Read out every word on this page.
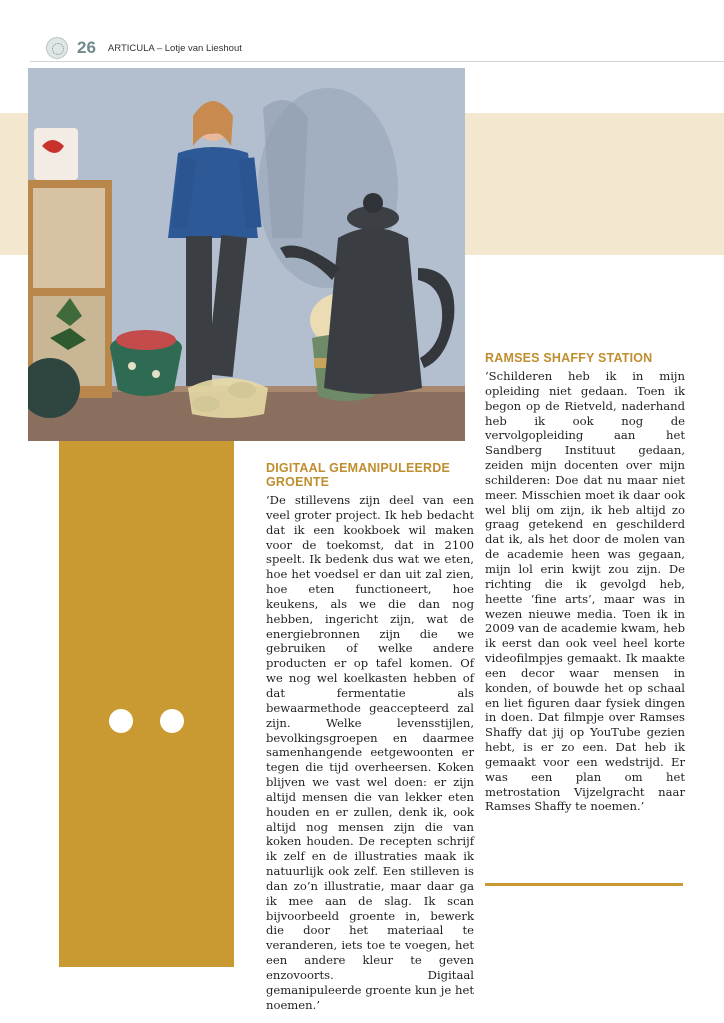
26 ARTICULA – Lotje van Lieshout
DIGITAAL GEMANIPULEERDE GROENTE

‘De stillevens zijn deel van een veel groter project. Ik heb bedacht dat ik een kookboek wil maken voor de toekomst, dat in 2100 speelt. Ik bedenk dus wat we eten, hoe het voedsel er dan uit zal zien, hoe eten functioneert, hoe keukens, als we die dan nog hebben, ingericht zijn, wat de energiebronnen zijn die we gebruiken of welke andere producten er op tafel komen. Of we nog wel koelkasten hebben of dat fermentatie als bewaarmethode geaccepteerd zal zijn. Welke levensstijlen, bevolkingsgroepen en daarmee samenhangende eetgewoonten er tegen die tijd overheersen. Koken blijven we vast wel doen: er zijn altijd mensen die van lekker eten houden en er zullen, denk ik, ook altijd nog mensen zijn die van koken houden. De recepten schrijf ik zelf en de illustraties maak ik natuurlijk ook zelf. Een stilleven is dan zo’n illustratie, maar daar ga ik mee aan de slag. Ik scan bijvoorbeeld groente in, bewerk die door het materiaal te veranderen, iets toe te voegen, het een andere kleur te geven enzovoorts. Digitaal gemanipuleerde groente kun je het noemen.’

RAMSES SHAFFY STATION

‘Schilderen heb ik in mijn opleiding niet gedaan. Toen ik begon op de Rietveld, naderhand heb ik ook nog de vervolgopleiding aan het Sandberg Instituut gedaan, zeiden mijn docenten over mijn schilderen: Doe dat nu maar niet meer. Misschien moet ik daar ook wel blij om zijn, ik heb altijd zo graag getekend en geschilderd dat ik, als het door de molen van de academie heen was gegaan, mijn lol erin kwijt zou zijn. De richting die ik gevolgd heb, heette ‘fine arts’, maar was in wezen nieuwe media. Toen ik in 2009 van de academie kwam, heb ik eerst dan ook veel heel korte videofilmpjes gemaakt. Ik maakte een decor waar mensen in konden, of bouwde het op schaal en liet figuren daar fysiek dingen in doen. Dat filmpje over Ramses Shaffy dat jij op YouTube gezien hebt, is er zo een. Dat heb ik gemaakt voor een wedstrijd. Er was een plan om het metrostation Vijzelgracht naar Ramses Shaffy te noemen.’
